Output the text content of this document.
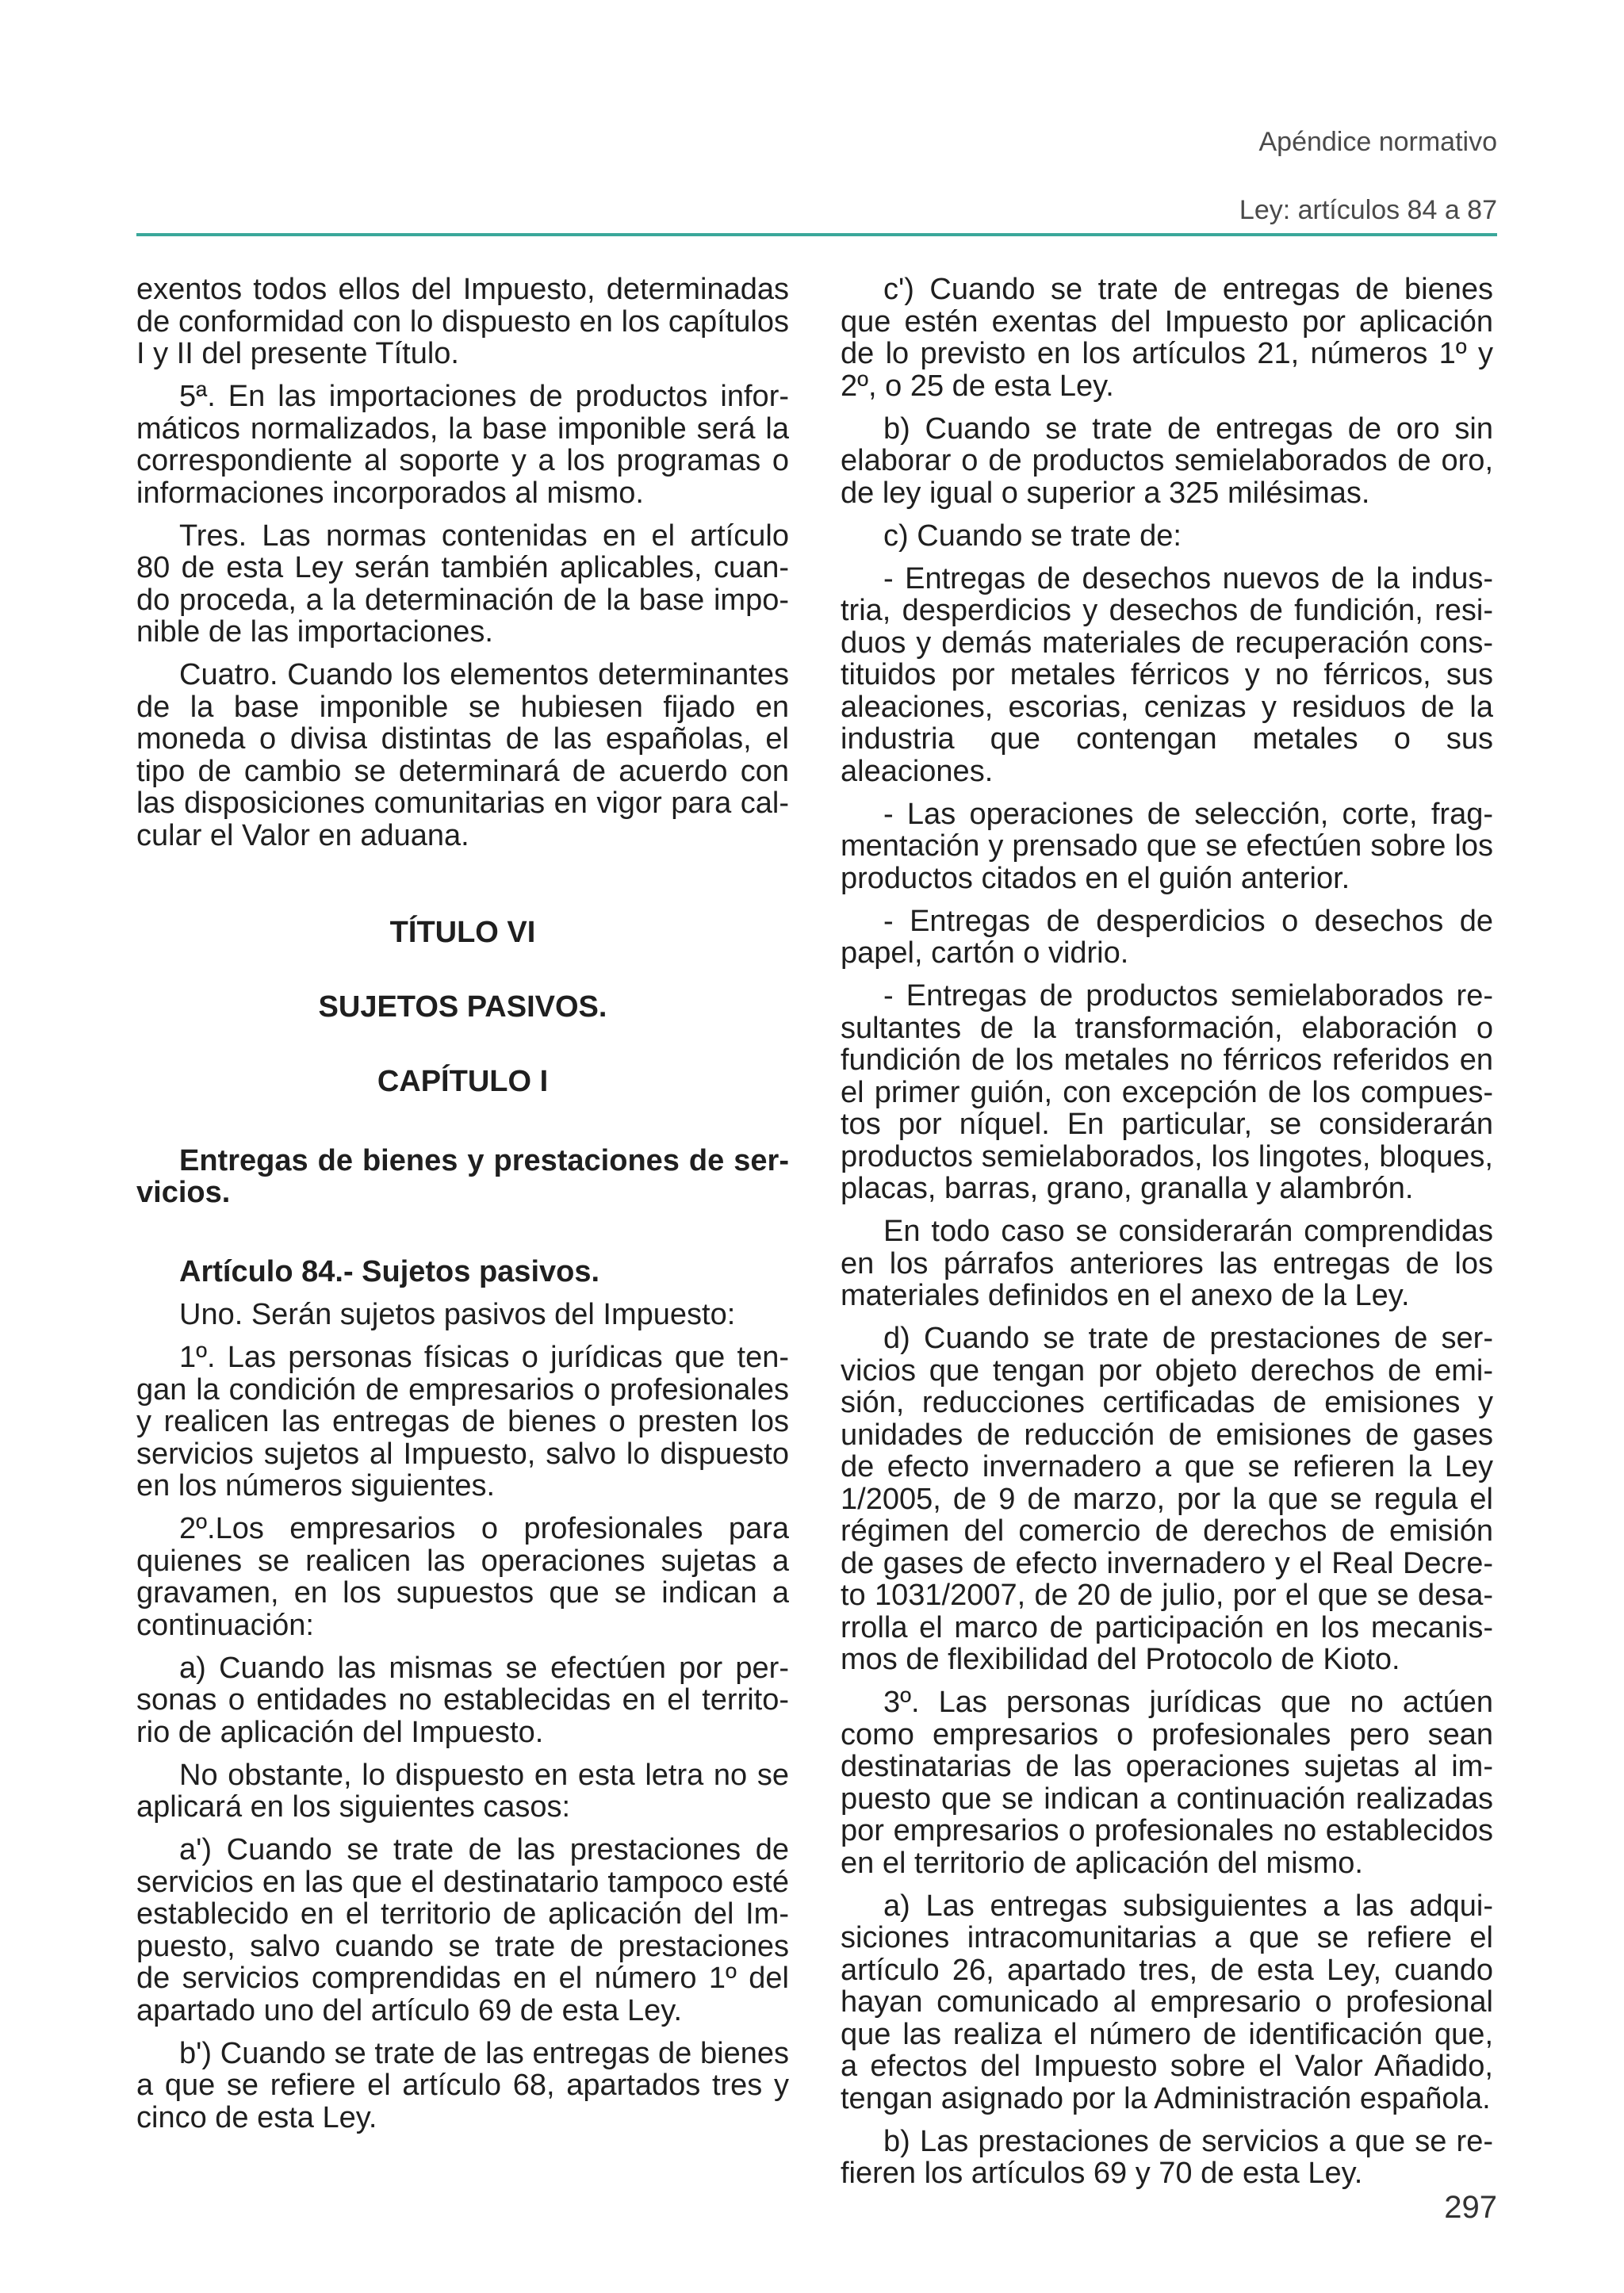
Apéndice normativo
Ley: artículos 84 a 87

exentos todos ellos del Impuesto, determinadas de conformidad con lo dispuesto en los capítulos I y II del presente Título.

5ª. En las importaciones de productos informáticos normalizados, la base imponible será la correspondiente al soporte y a los programas o informaciones incorporados al mismo.

Tres. Las normas contenidas en el artículo 80 de esta Ley serán también aplicables, cuando proceda, a la determinación de la base imponible de las importaciones.

Cuatro. Cuando los elementos determinantes de la base imponible se hubiesen fijado en moneda o divisa distintas de las españolas, el tipo de cambio se determinará de acuerdo con las disposiciones comunitarias en vigor para calcular el Valor en aduana.

TÍTULO VI

SUJETOS PASIVOS.

CAPÍTULO I

Entregas de bienes y prestaciones de servicios.

Artículo 84.- Sujetos pasivos.

Uno. Serán sujetos pasivos del Impuesto:

1º. Las personas físicas o jurídicas que tengan la condición de empresarios o profesionales y realicen las entregas de bienes o presten los servicios sujetos al Impuesto, salvo lo dispuesto en los números siguientes.

2º.Los empresarios o profesionales para quienes se realicen las operaciones sujetas a gravamen, en los supuestos que se indican a continuación:

a) Cuando las mismas se efectúen por personas o entidades no establecidas en el territorio de aplicación del Impuesto.

No obstante, lo dispuesto en esta letra no se aplicará en los siguientes casos:

a') Cuando se trate de las prestaciones de servicios en las que el destinatario tampoco esté establecido en el territorio de aplicación del Impuesto, salvo cuando se trate de prestaciones de servicios comprendidas en el número 1º del apartado uno del artículo 69 de esta Ley.

b') Cuando se trate de las entregas de bienes a que se refiere el artículo 68, apartados tres y cinco de esta Ley.

c') Cuando se trate de entregas de bienes que estén exentas del Impuesto por aplicación de lo previsto en los artículos 21, números 1º y 2º, o 25 de esta Ley.

b) Cuando se trate de entregas de oro sin elaborar o de productos semielaborados de oro, de ley igual o superior a 325 milésimas.

c) Cuando se trate de:

- Entregas de desechos nuevos de la industria, desperdicios y desechos de fundición, residuos y demás materiales de recuperación constituidos por metales férricos y no férricos, sus aleaciones, escorias, cenizas y residuos de la industria que contengan metales o sus aleaciones.

- Las operaciones de selección, corte, fragmentación y prensado que se efectúen sobre los productos citados en el guión anterior.

- Entregas de desperdicios o desechos de papel, cartón o vidrio.

- Entregas de productos semielaborados resultantes de la transformación, elaboración o fundición de los metales no férricos referidos en el primer guión, con excepción de los compuestos por níquel. En particular, se considerarán productos semielaborados, los lingotes, bloques, placas, barras, grano, granalla y alambrón.

En todo caso se considerarán comprendidas en los párrafos anteriores las entregas de los materiales definidos en el anexo de la Ley.

d) Cuando se trate de prestaciones de servicios que tengan por objeto derechos de emisión, reducciones certificadas de emisiones y unidades de reducción de emisiones de gases de efecto invernadero a que se refieren la Ley 1/2005, de 9 de marzo, por la que se regula el régimen del comercio de derechos de emisión de gases de efecto invernadero y el Real Decreto 1031/2007, de 20 de julio, por el que se desarrolla el marco de participación en los mecanismos de flexibilidad del Protocolo de Kioto.

3º. Las personas jurídicas que no actúen como empresarios o profesionales pero sean destinatarias de las operaciones sujetas al impuesto que se indican a continuación realizadas por empresarios o profesionales no establecidos en el territorio de aplicación del mismo.

a) Las entregas subsiguientes a las adquisiciones intracomunitarias a que se refiere el artículo 26, apartado tres, de esta Ley, cuando hayan comunicado al empresario o profesional que las realiza el número de identificación que, a efectos del Impuesto sobre el Valor Añadido, tengan asignado por la Administración española.

b) Las prestaciones de servicios a que se refieren los artículos 69 y 70 de esta Ley.

297
